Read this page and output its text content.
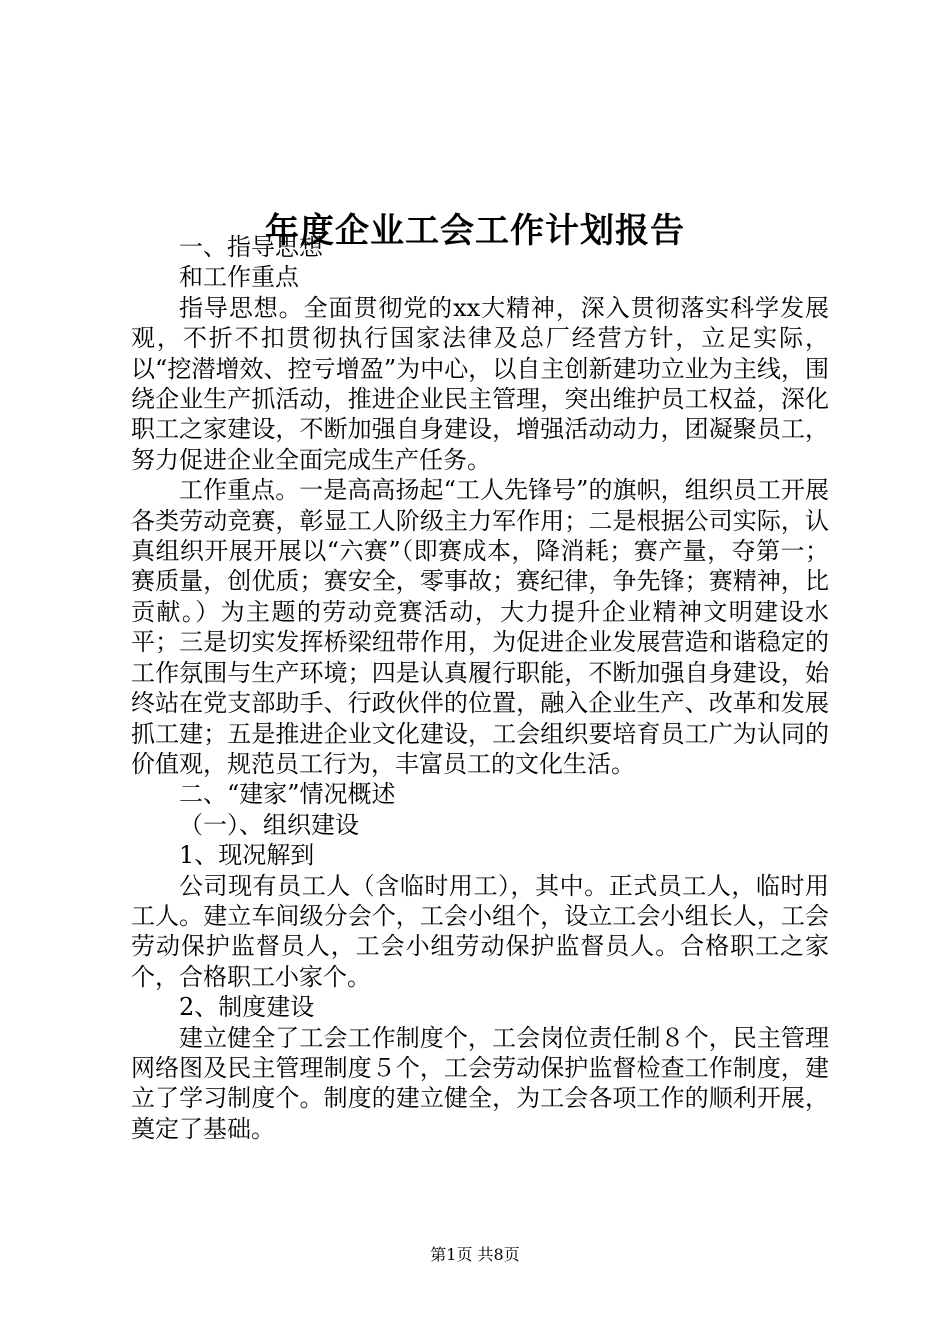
年度企业工会工作计划报告

一、指导思想

和工作重点

指导思想。全面贯彻党的xx大精神，深入贯彻落实科学发展观，不折不扣贯彻执行国家法律及总厂经营方针，立足实际，以“挖潜增效、控亏增盈”为中心，以自主创新建功立业为主线，围绕企业生产抓活动，推进企业民主管理，突出维护员工权益，深化职工之家建设，不断加强自身建设，增强活动动力，团凝聚员工，努力促进企业全面完成生产任务。

工作重点。一是高高扬起“工人先锋号”的旗帜，组织员工开展各类劳动竞赛，彰显工人阶级主力军作用；二是根据公司实际，认真组织开展开展以“六赛”（即赛成本，降消耗；赛产量，夺第一；赛质量，创优质；赛安全，零事故；赛纪律，争先锋；赛精神，比贡献。）为主题的劳动竞赛活动，大力提升企业精神文明建设水平；三是切实发挥桥梁纽带作用，为促进企业发展营造和谐稳定的工作氛围与生产环境；四是认真履行职能，不断加强自身建设，始终站在党支部助手、行政伙伴的位置，融入企业生产、改革和发展抓工建；五是推进企业文化建设，工会组织要培育员工广为认同的价值观，规范员工行为，丰富员工的文化生活。

二、“建家”情况概述

（一）、组织建设

1、现况解到

公司现有员工人（含临时用工），其中。正式员工人，临时用工人。建立车间级分会个，工会小组个，设立工会小组长人，工会劳动保护监督员人，工会小组劳动保护监督员人。合格职工之家个，合格职工小家个。

2、制度建设

建立健全了工会工作制度个，工会岗位责任制８个，民主管理网络图及民主管理制度５个，工会劳动保护监督检查工作制度，建立了学习制度个。制度的建立健全，为工会各项工作的顺利开展，奠定了基础。

第1页 共8页
